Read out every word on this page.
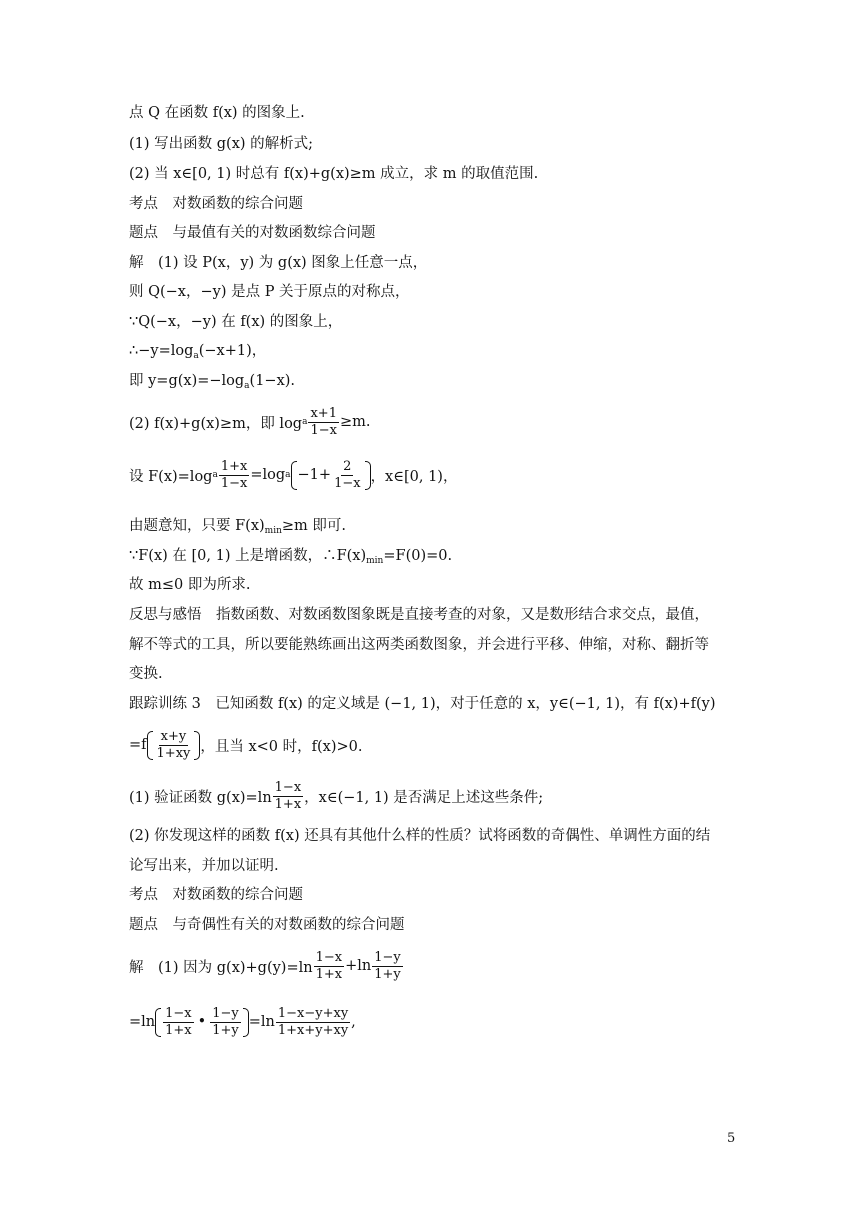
点 Q 在函数 f(x) 的图象上.
(1) 写出函数 g(x) 的解析式;
(2) 当 x∈[0, 1) 时总有 f(x)+g(x)≥m 成立，求 m 的取值范围.
考点　对数函数的综合问题
题点　与最值有关的对数函数综合问题
解　(1) 设 P(x，y) 为 g(x) 图象上任意一点，
则 Q(−x，−y) 是点 P 关于原点的对称点，
∵Q(−x，−y) 在 f(x) 的图象上，
$\therefore-y=\log_a(-x+1)$，
即 $y=g(x)=-\log_a(1-x)$.
(2) f(x)+g(x)≥m，即 log a $\frac{x+1}{1-x} \ge m$.
设 F(x)=log a $\frac{1+x}{1-x} =\log$ $a -1+ \frac{2}{1-x}$ ，x∈[0, 1)，
由题意知，只要 $F(x)_{min}\ge m$ 即可.
∵F(x) 在 [0, 1) 上是增函数，$\therefore F(x)_{min}=F(0)=0$.
故 m≤0 即为所求.
反思与感悟　指数函数、对数函数图象既是直接考查的对象，又是数形结合求交点，最值，
解不等式的工具，所以要能熟练画出这两类函数图象，并会进行平移、伸缩，对称、翻折等
变换.
跟踪训练 3　已知函数 f(x) 的定义域是 (−1, 1)，对于任意的 x，y∈(−1, 1)，有 f(x)+f(y)
$=f \frac{x+y}{1+xy}$ ，且当 x<0 时，f(x)>0.
(1) 验证函数 $g(x)=\ln \frac{1-x}{1+x}$ ，x∈(−1, 1) 是否满足上述这些条件;
(2) 你发现这样的函数 f(x) 还具有其他什么样的性质？试将函数的奇偶性、单调性方面的结
论写出来，并加以证明.
考点　对数函数的综合问题
题点　与奇偶性有关的对数函数的综合问题
解　(1) 因为 $g(x)+g(y)=\ln \frac{1-x}{1+x} +\ln \frac{1-y}{1+y}$
$=\ln \frac{1-x}{1+x}$ • $\frac{1-y}{1+y} =\ln \frac{1-x-y+xy}{1+x+y+xy}$ ,
5
